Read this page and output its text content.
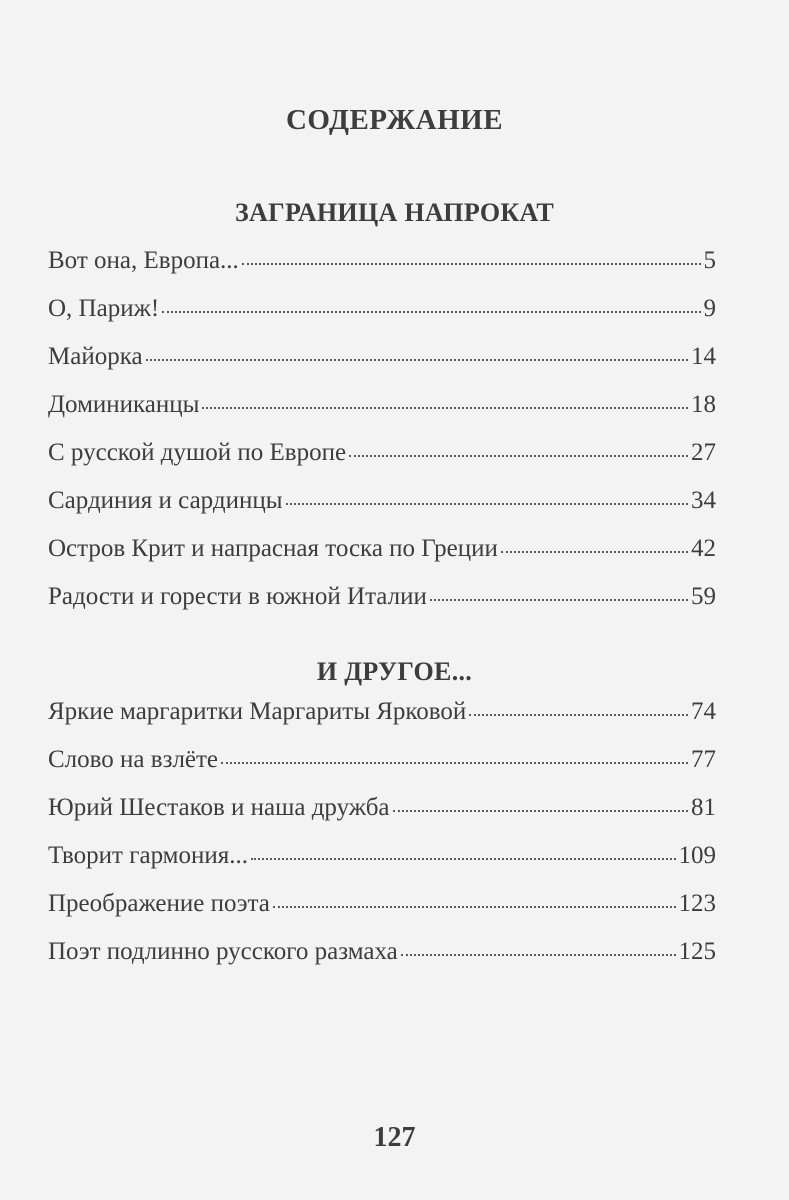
СОДЕРЖАНИЕ
ЗАГРАНИЦА НАПРОКАТ
Вот она, Европа...	5
О, Париж!	9
Майорка	14
Доминиканцы	18
С русской душой по Европе	27
Сардиния и сардинцы	34
Остров Крит и напрасная тоска по Греции	42
Радости и горести в южной Италии	59
И ДРУГОЕ...
Яркие маргаритки Маргариты Ярковой	74
Слово на взлёте	77
Юрий Шестаков и наша дружба	81
Творит гармония...	109
Преображение поэта	123
Поэт подлинно русского размаха	125
127
